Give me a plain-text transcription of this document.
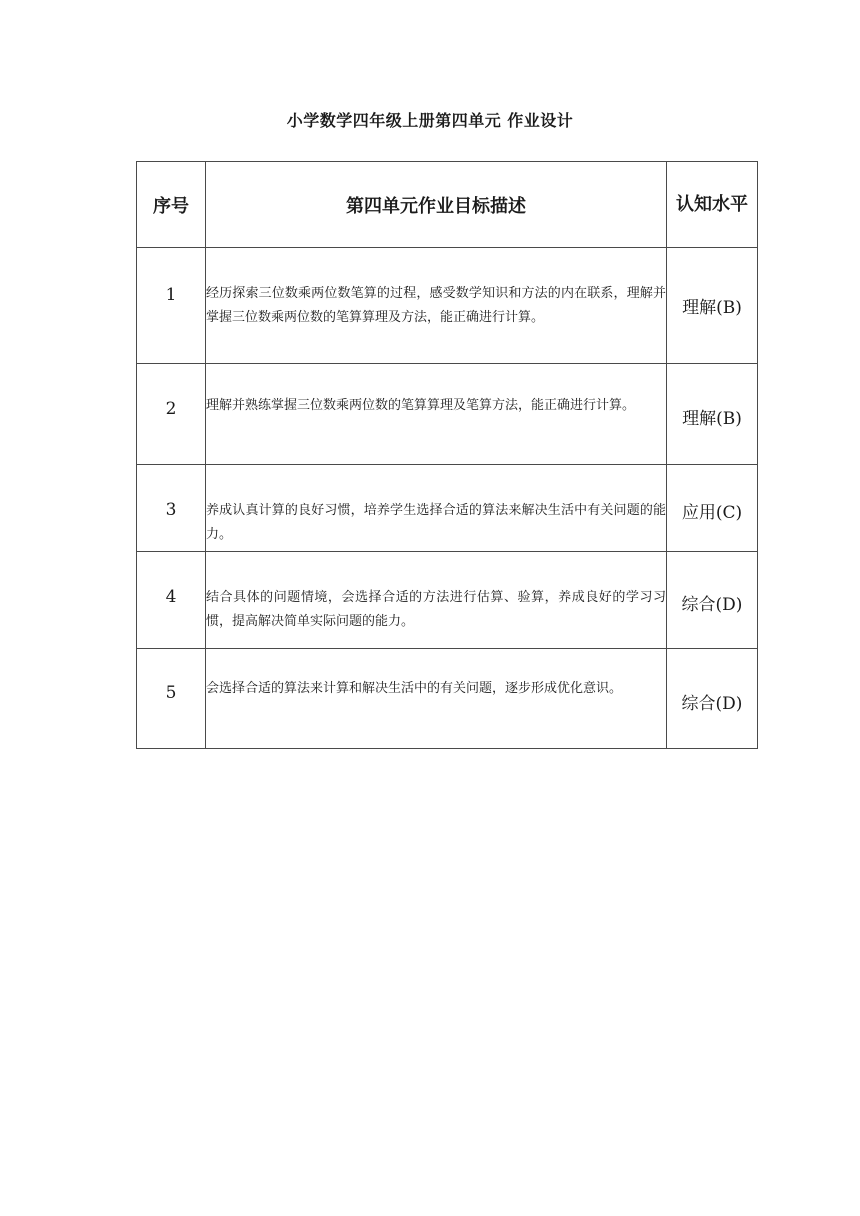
小学数学四年级上册第四单元 作业设计
序号	第四单元作业目标描述	认知水平

1	经历探索三位数乘两位数笔算的过程，感受数学知识和方法的内在联系，理解并掌握三位数乘两位数的笔算算理及方法，能正确进行计算。	理解(B)

2	理解并熟练掌握三位数乘两位数的笔算算理及笔算方法，能正确进行计算。	理解(B)

3	养成认真计算的良好习惯，培养学生选择合适的算法来解决生活中有关问题的能力。	应用(C)

4	结合具体的问题情境，会选择合适的方法进行估算、验算，养成良好的学习习惯，提高解决简单实际问题的能力。	综合(D)

5	会选择合适的算法来计算和解决生活中的有关问题，逐步形成优化意识。	综合(D)
